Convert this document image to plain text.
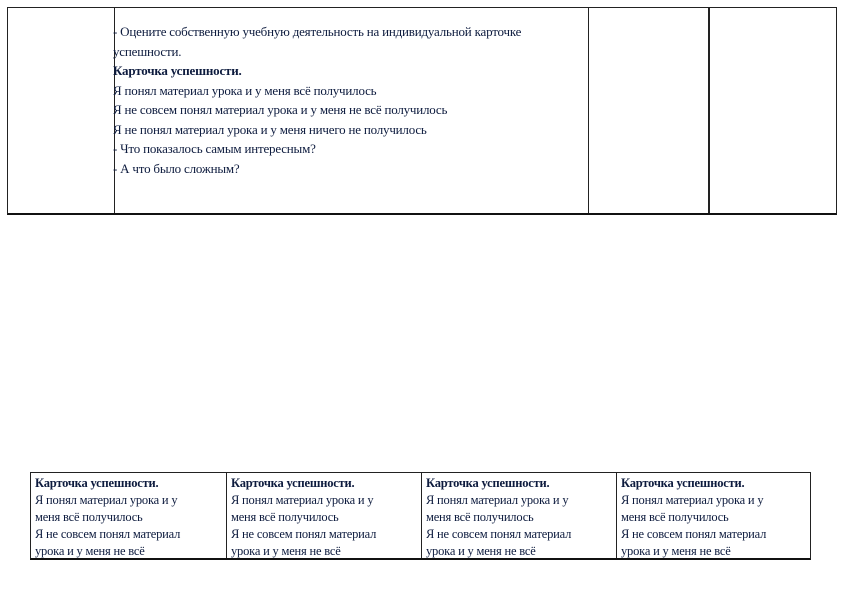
- Оцените собственную учебную деятельность на индивидуальной карточке
успешности.
Карточка успешности.
Я понял материал урока и у меня всё получилось
Я не совсем понял материал урока и у меня не всё получилось
Я не понял материал урока и у меня ничего не получилось
- Что показалось самым интересным?
- А что было сложным?
Карточка успешности.
Я понял материал урока и у
меня всё получилось
Я не совсем понял материал
урока и у меня не всё
Карточка успешности.
Я понял материал урока и у
меня всё получилось
Я не совсем понял материал
урока и у меня не всё
Карточка успешности.
Я понял материал урока и у
меня всё получилось
Я не совсем понял материал
урока и у меня не всё
Карточка успешности.
Я понял материал урока и у
меня всё получилось
Я не совсем понял материал
урока и у меня не всё
